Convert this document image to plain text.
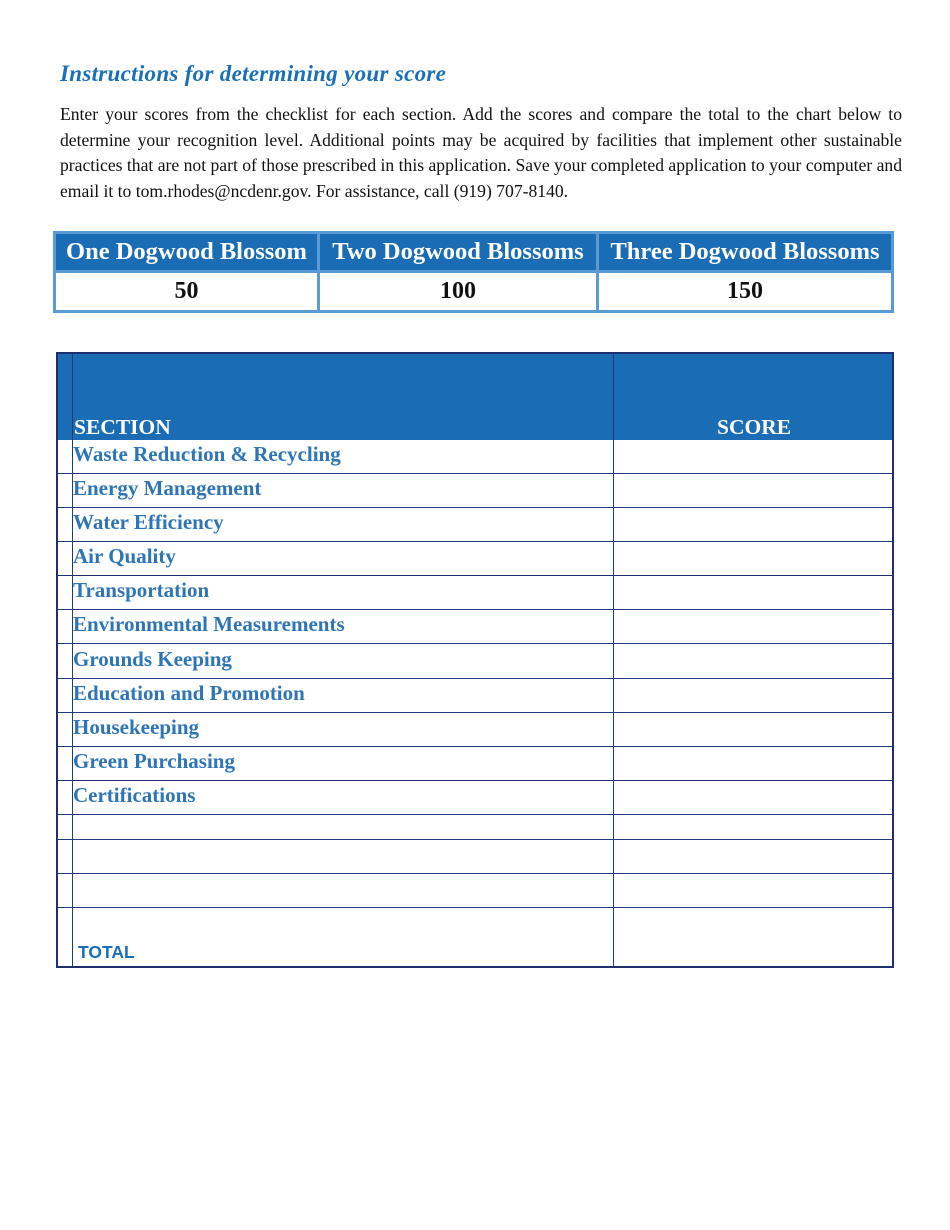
Instructions for determining your score

Enter your scores from the checklist for each section. Add the scores and compare the total to the chart below to determine your recognition level. Additional points may be acquired by facilities that implement other sustainable practices that are not part of those prescribed in this application. Save your completed application to your computer and email it to tom.rhodes@ncdenr.gov. For assistance, call (919) 707-8140.

One Dogwood Blossom	Two Dogwood Blossoms	Three Dogwood Blossoms
50	100	150
SECTION	SCORE
Waste Reduction & Recycling
Energy Management
Water Efficiency
Air Quality
Transportation
Environmental Measurements
Grounds Keeping
Education and Promotion
Housekeeping
Green Purchasing
Certifications
TOTAL
